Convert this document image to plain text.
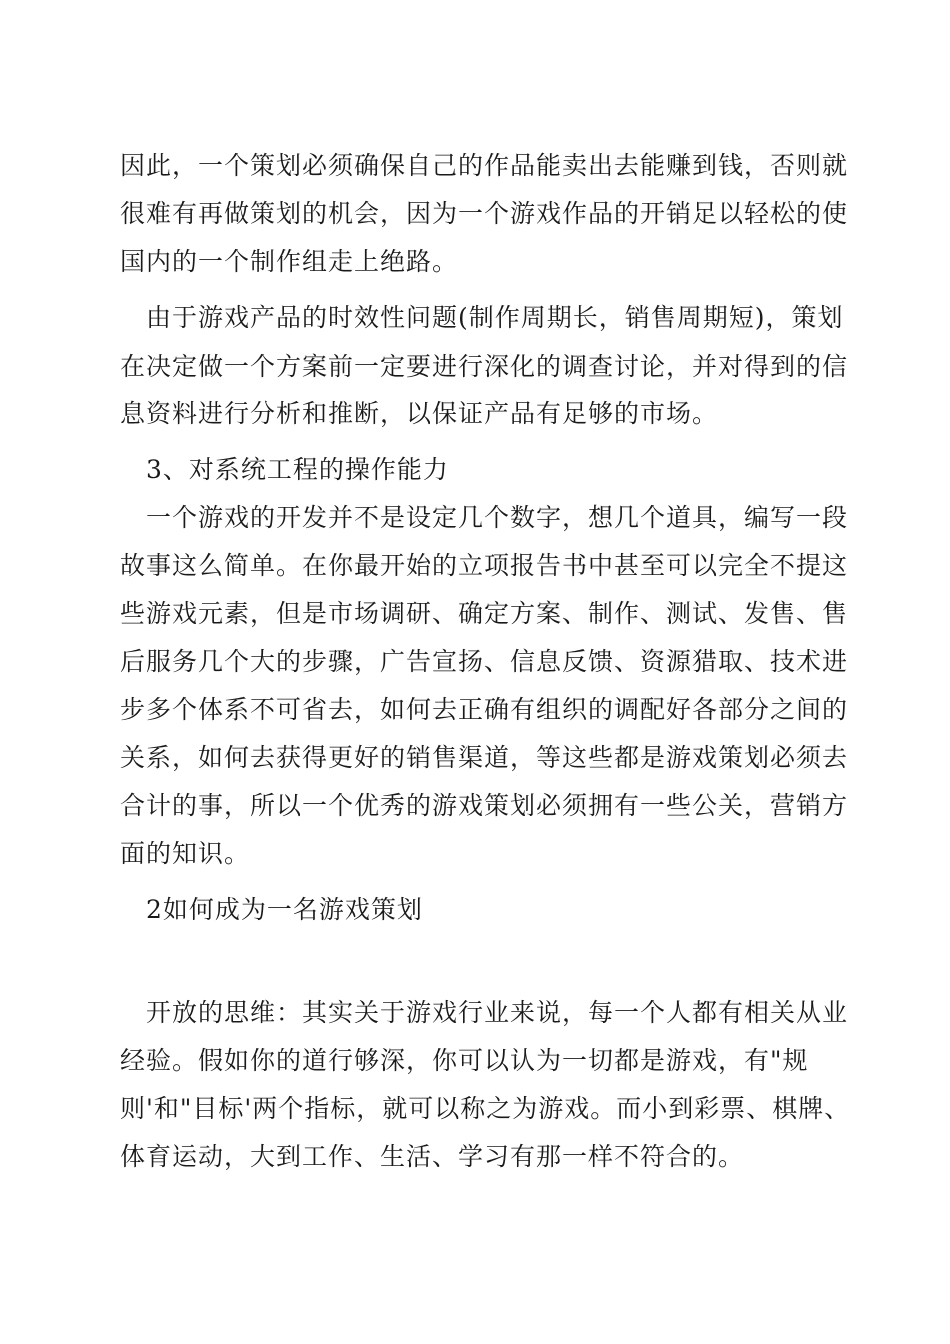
因此，一个策划必须确保自己的作品能卖出去能赚到钱，否则就
很难有再做策划的机会，因为一个游戏作品的开销足以轻松的使
国内的一个制作组走上绝路。
由于游戏产品的时效性问题(制作周期长，销售周期短)，策划
在决定做一个方案前一定要进行深化的调查讨论，并对得到的信
息资料进行分析和推断，以保证产品有足够的市场。
3、对系统工程的操作能力
一个游戏的开发并不是设定几个数字，想几个道具，编写一段
故事这么简单。在你最开始的立项报告书中甚至可以完全不提这
些游戏元素，但是市场调研、确定方案、制作、测试、发售、售
后服务几个大的步骤，广告宣扬、信息反馈、资源猎取、技术进
步多个体系不可省去，如何去正确有组织的调配好各部分之间的
关系，如何去获得更好的销售渠道，等这些都是游戏策划必须去
合计的事，所以一个优秀的游戏策划必须拥有一些公关，营销方
面的知识。
2如何成为一名游戏策划
开放的思维：其实关于游戏行业来说，每一个人都有相关从业
经验。假如你的道行够深，你可以认为一切都是游戏，有"规
则'和"目标'两个指标，就可以称之为游戏。而小到彩票、棋牌、
体育运动，大到工作、生活、学习有那一样不符合的。
